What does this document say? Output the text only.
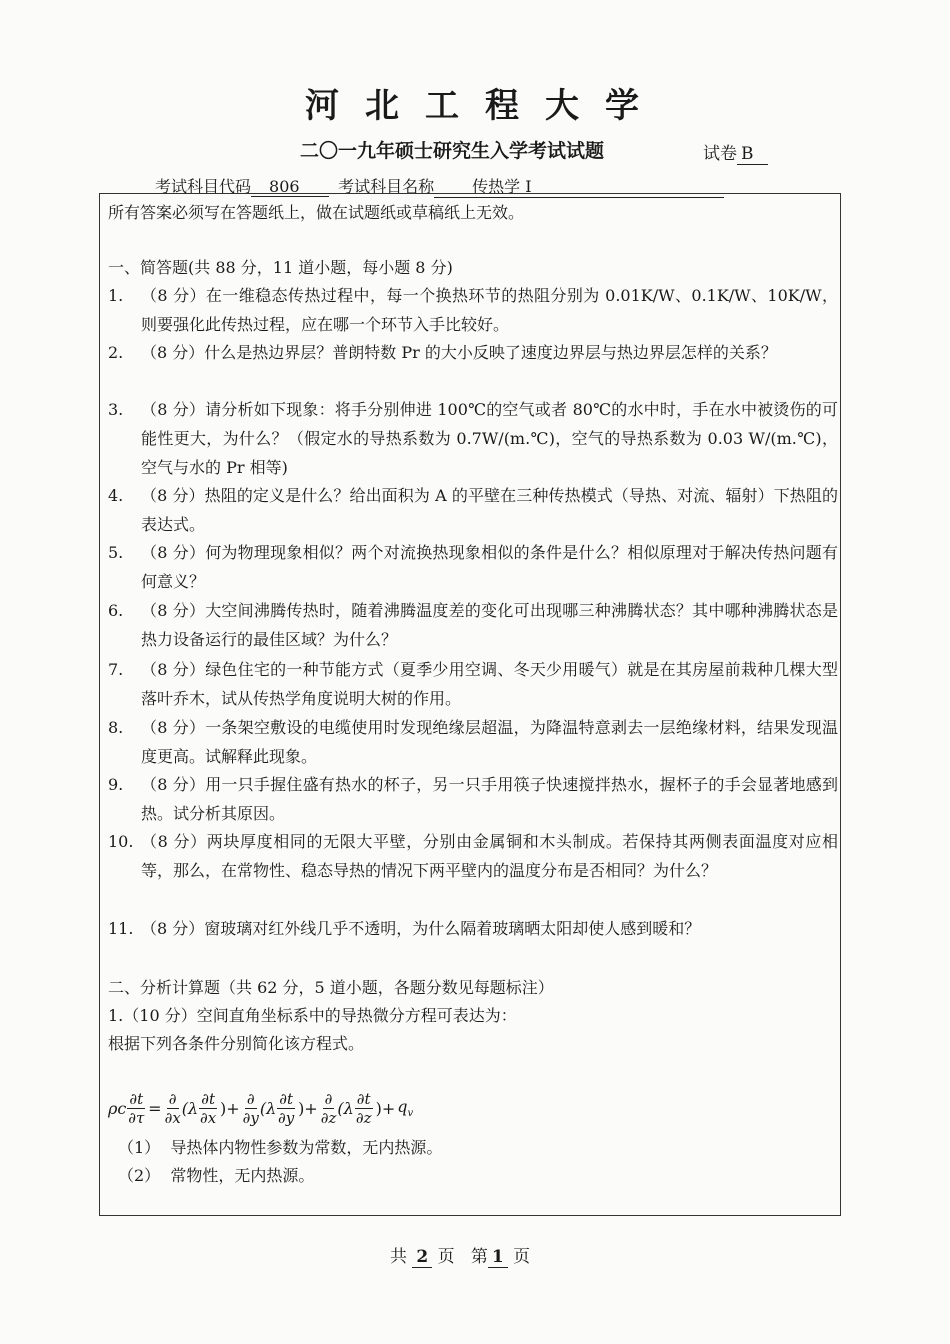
河北工程大学
二〇一九年硕士研究生入学考试试题	试卷 B
考试科目代码 806 考试科目名称 传热学 I
所有答案必须写在答题纸上，做在试题纸或草稿纸上无效。
一、简答题(共 88 分，11 道小题，每小题 8 分)
1. （8 分）在一维稳态传热过程中，每一个换热环节的热阻分别为 0.01K/W、0.1K/W、10K/W，则要强化此传热过程，应在哪一个环节入手比较好。
2. （8 分）什么是热边界层？普朗特数 Pr 的大小反映了速度边界层与热边界层怎样的关系？
3. （8 分）请分析如下现象：将手分别伸进 100℃的空气或者 80℃的水中时，手在水中被烫伤的可能性更大，为什么？（假定水的导热系数为 0.7W/(m.℃)，空气的导热系数为 0.03 W/(m.℃)，空气与水的 Pr 相等)
4. （8 分）热阻的定义是什么？给出面积为 A 的平壁在三种传热模式（导热、对流、辐射）下热阻的表达式。
5. （8 分）何为物理现象相似？两个对流换热现象相似的条件是什么？相似原理对于解决传热问题有何意义？
6. （8 分）大空间沸腾传热时，随着沸腾温度差的变化可出现哪三种沸腾状态？其中哪种沸腾状态是热力设备运行的最佳区域？为什么？
7. （8 分）绿色住宅的一种节能方式（夏季少用空调、冬天少用暖气）就是在其房屋前栽种几棵大型落叶乔木，试从传热学角度说明大树的作用。
8. （8 分）一条架空敷设的电缆使用时发现绝缘层超温，为降温特意剥去一层绝缘材料，结果发现温度更高。试解释此现象。
9. （8 分）用一只手握住盛有热水的杯子，另一只手用筷子快速搅拌热水，握杯子的手会显著地感到热。试分析其原因。
10. （8 分）两块厚度相同的无限大平壁，分别由金属铜和木头制成。若保持其两侧表面温度对应相等，那么，在常物性、稳态导热的情况下两平壁内的温度分布是否相同？为什么？
11. （8 分）窗玻璃对红外线几乎不透明，为什么隔着玻璃晒太阳却使人感到暖和？
二、分析计算题（共 62 分，5 道小题，各题分数见每题标注）
1.（10 分）空间直角坐标系中的导热微分方程可表达为：
根据下列各条件分别简化该方程式。
ρc $\frac{\partial t}{\partial\tau} = \frac{\partial}{\partial x} (\lambda \frac{\partial t}{\partial x}$ )+ $\frac{\partial}{\partial y} (\lambda \frac{\partial t}{\partial y}$ )+ $\frac{\partial}{\partial z} (\lambda \frac{\partial t}{\partial z}$ )+ $q_v$
（1） 导热体内物性参数为常数，无内热源。
（2） 常物性，无内热源。
共 2 页 第 1 页
